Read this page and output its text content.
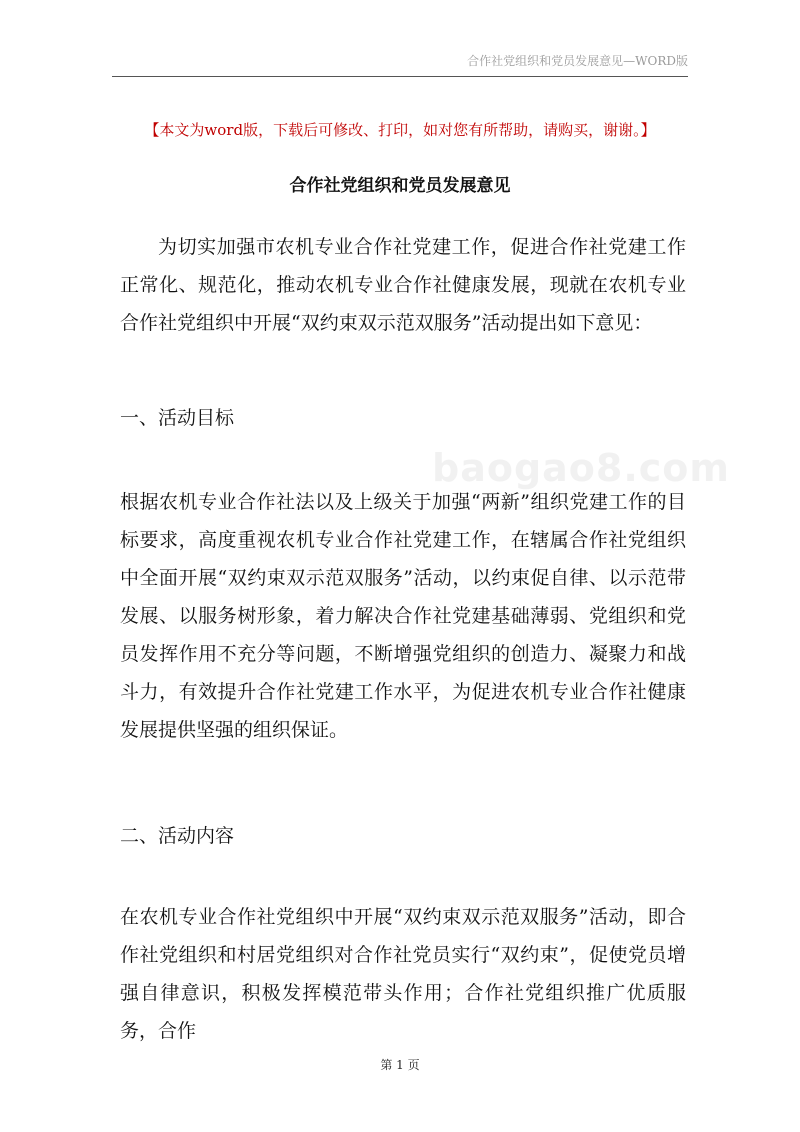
合作社党组织和党员发展意见—WORD版
【本文为word版，下载后可修改、打印，如对您有所帮助，请购买，谢谢。】
合作社党组织和党员发展意见

为切实加强市农机专业合作社党建工作，促进合作社党建工作正常化、规范化，推动农机专业合作社健康发展，现就在农机专业合作社党组织中开展“双约束双示范双服务”活动提出如下意见：

一、活动目标

baogao8.com

根据农机专业合作社法以及上级关于加强“两新”组织党建工作的目标要求，高度重视农机专业合作社党建工作，在辖属合作社党组织中全面开展“双约束双示范双服务”活动，以约束促自律、以示范带发展、以服务树形象，着力解决合作社党建基础薄弱、党组织和党员发挥作用不充分等问题，不断增强党组织的创造力、凝聚力和战斗力，有效提升合作社党建工作水平，为促进农机专业合作社健康发展提供坚强的组织保证。

二、活动内容

在农机专业合作社党组织中开展“双约束双示范双服务”活动，即合作社党组织和村居党组织对合作社党员实行“双约束”，促使党员增强自律意识，积极发挥模范带头作用；合作社党组织推广优质服务，合作

第 1 页
